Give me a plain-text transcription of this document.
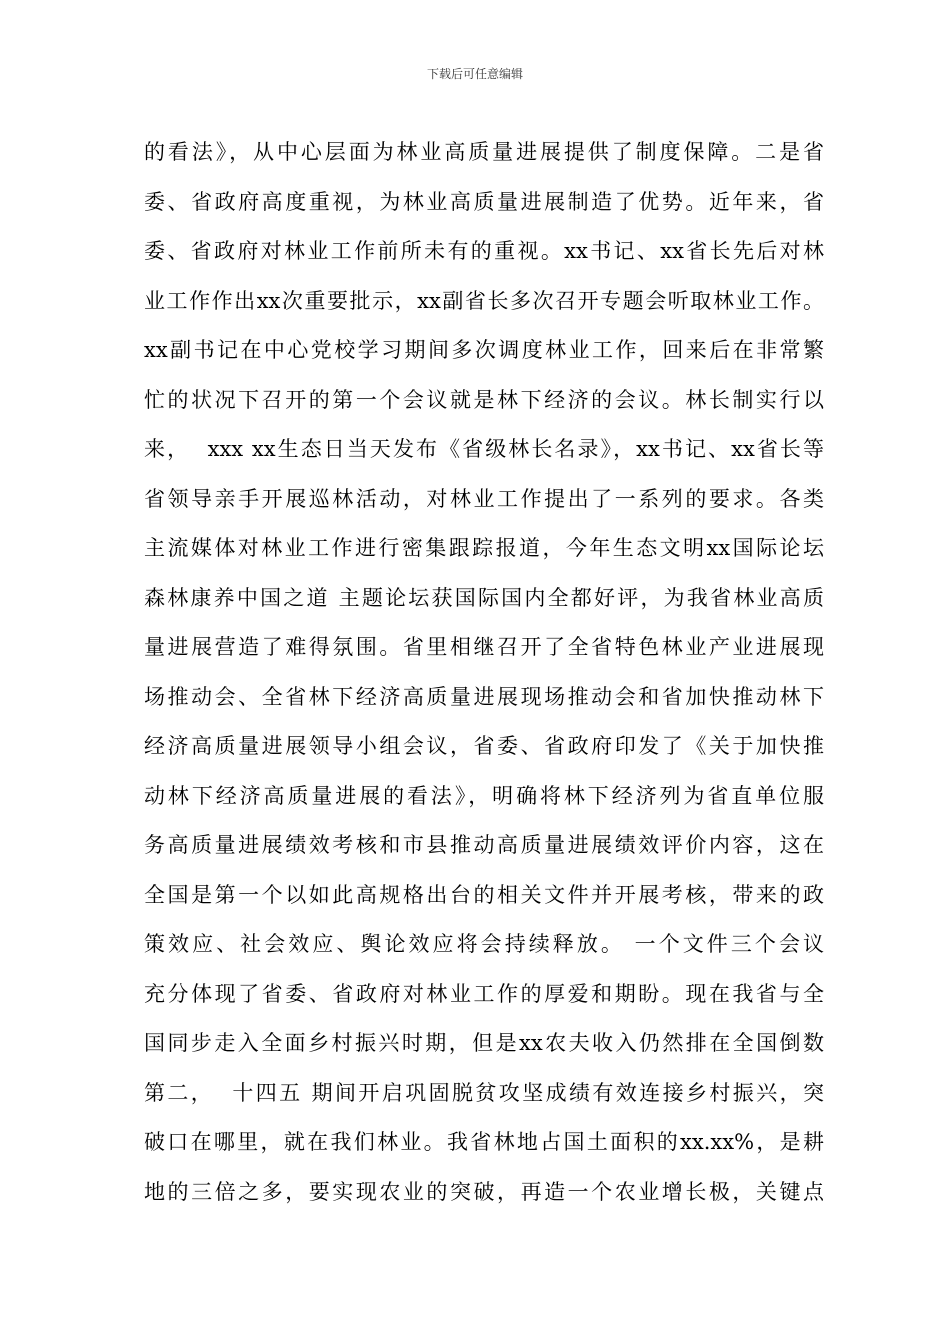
下载后可任意编辑
的看法》，从中心层面为林业高质量进展提供了制度保障。二是省
委、省政府高度重视，为林业高质量进展制造了优势。近年来，省
委、省政府对林业工作前所未有的重视。xx书记、xx省长先后对林
业工作作出xx次重要批示，xx副省长多次召开专题会听取林业工作。
xx副书记在中心党校学习期间多次调度林业工作，回来后在非常繁
忙的状况下召开的第一个会议就是林下经济的会议。林长制实行以
来，  xxx xx生态日当天发布《省级林长名录》，xx书记、xx省长等
省领导亲手开展巡林活动，对林业工作提出了一系列的要求。各类
主流媒体对林业工作进行密集跟踪报道，今年生态文明xx国际论坛
森林康养中国之道 主题论坛获国际国内全都好评，为我省林业高质
量进展营造了难得氛围。省里相继召开了全省特色林业产业进展现
场推动会、全省林下经济高质量进展现场推动会和省加快推动林下
经济高质量进展领导小组会议，省委、省政府印发了《关于加快推
动林下经济高质量进展的看法》，明确将林下经济列为省直单位服
务高质量进展绩效考核和市县推动高质量进展绩效评价内容，这在
全国是第一个以如此高规格出台的相关文件并开展考核，带来的政
策效应、社会效应、舆论效应将会持续释放。 一个文件三个会议
充分体现了省委、省政府对林业工作的厚爱和期盼。现在我省与全
国同步走入全面乡村振兴时期，但是xx农夫收入仍然排在全国倒数
第二，  十四五 期间开启巩固脱贫攻坚成绩有效连接乡村振兴，突
破口在哪里，就在我们林业。我省林地占国土面积的xx.xx%，是耕
地的三倍之多，要实现农业的突破，再造一个农业增长极，关键点
